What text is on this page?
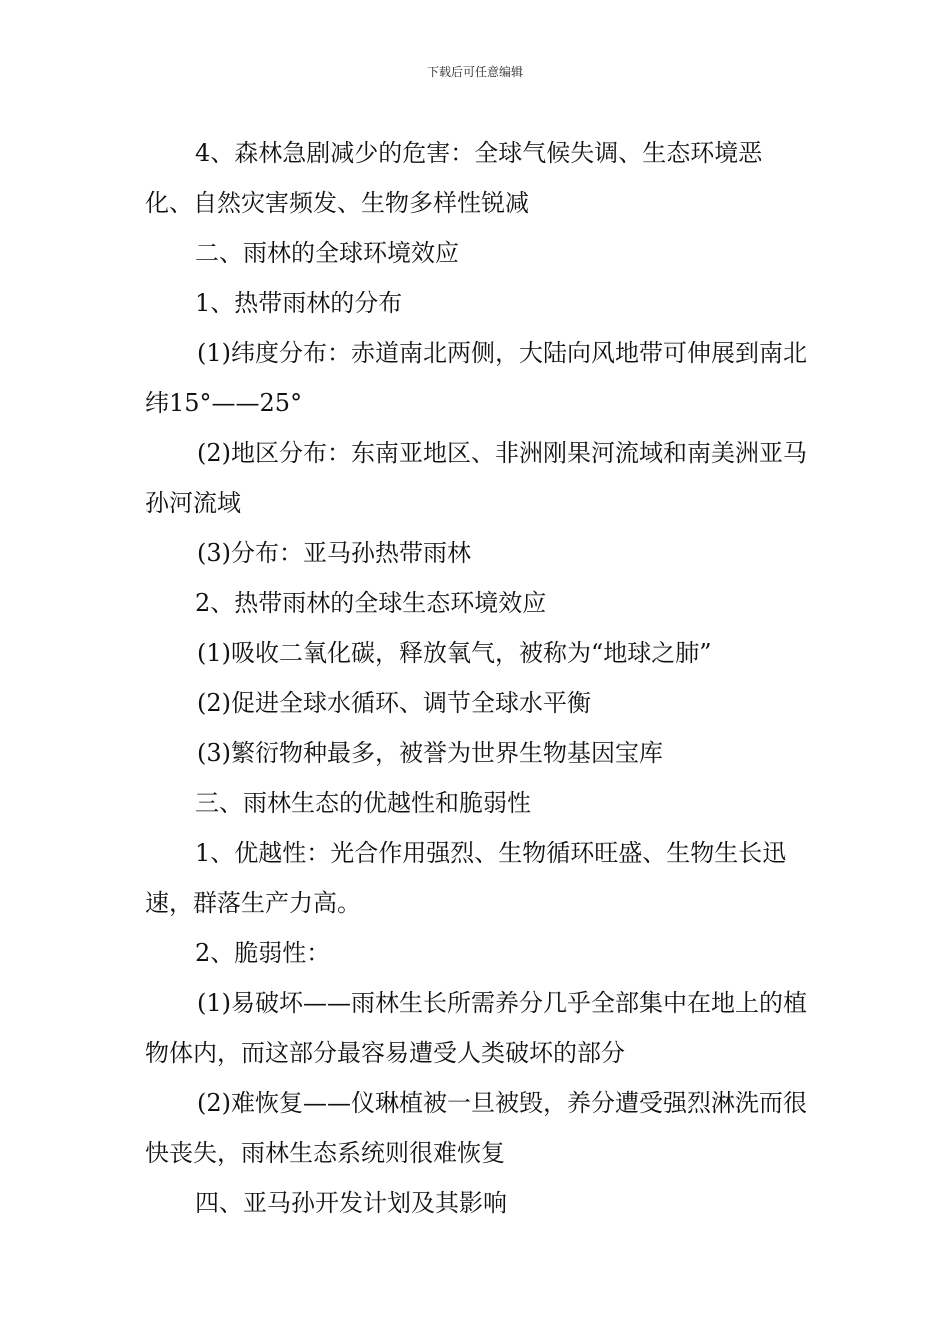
下载后可任意编辑

4、森林急剧减少的危害：全球气候失调、生态环境恶化、自然灾害频发、生物多样性锐减

二、雨林的全球环境效应

1、热带雨林的分布

(1)纬度分布：赤道南北两侧，大陆向风地带可伸展到南北纬15°——25°

(2)地区分布：东南亚地区、非洲刚果河流域和南美洲亚马孙河流域

(3)分布：亚马孙热带雨林

2、热带雨林的全球生态环境效应

(1)吸收二氧化碳，释放氧气，被称为“地球之肺”

(2)促进全球水循环、调节全球水平衡

(3)繁衍物种最多，被誉为世界生物基因宝库

三、雨林生态的优越性和脆弱性

1、优越性：光合作用强烈、生物循环旺盛、生物生长迅速，群落生产力高。

2、脆弱性：

(1)易破坏——雨林生长所需养分几乎全部集中在地上的植物体内，而这部分最容易遭受人类破坏的部分

(2)难恢复——仪琳植被一旦被毁，养分遭受强烈淋洗而很快丧失，雨林生态系统则很难恢复

四、亚马孙开发计划及其影响
